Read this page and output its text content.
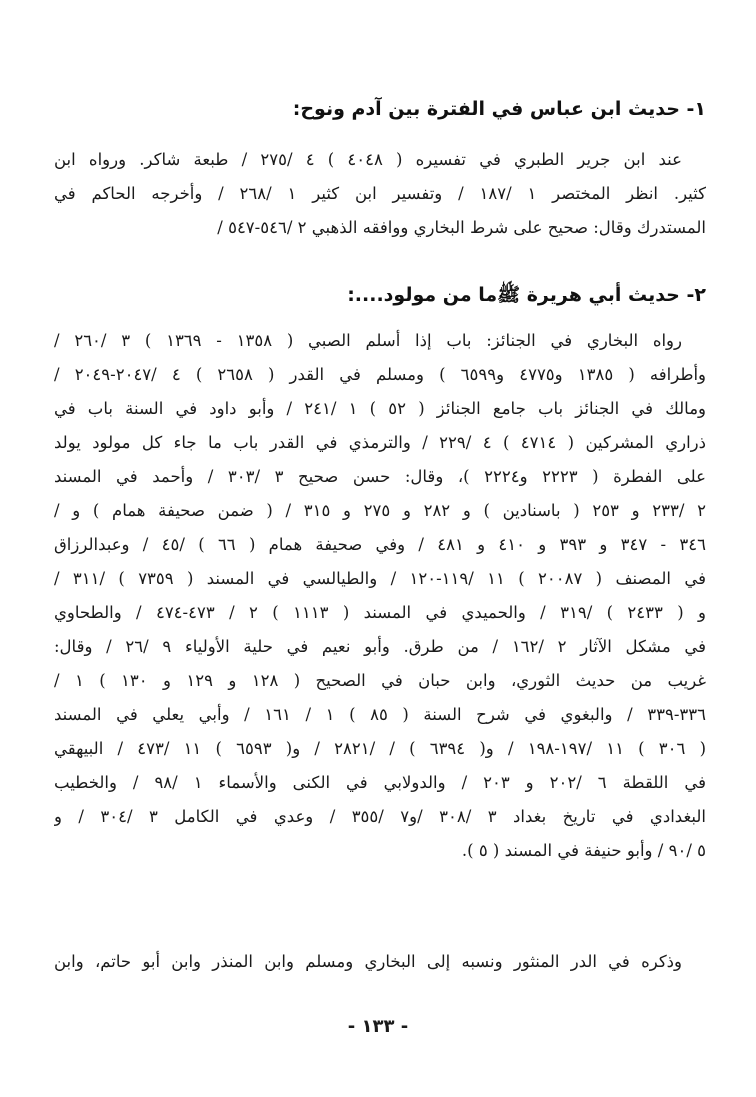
١- حديث ابن عباس في الفترة بين آدم ونوح:
عند ابن جرير الطبري في تفسيره ( ٤٠٤٨ ) ٤ /٢٧٥ / طبعة شاكر. ورواه ابن
كثير. انظر المختصر ١ /١٨٧ / وتفسير ابن كثير ١ /٢٦٨ / وأخرجه الحاكم في
المستدرك وقال: صحيح على شرط البخاري ووافقه الذهبي ٢ /٥٤٦-٥٤٧ /
٢- حديث أبي هريرة ﷺما من مولود....:
رواه البخاري في الجنائز: باب إذا أسلم الصبي ( ١٣٥٨ - ١٣٦٩ ) ٣ /٢٦٠ /
وأطرافه ( ١٣٨٥ و٤٧٧٥ و٦٥٩٩ ) ومسلم في القدر ( ٢٦٥٨ ) ٤ /٢٠٤٧-٢٠٤٩ /
ومالك في الجنائز باب جامع الجنائز ( ٥٢ ) ١ /٢٤١ / وأبو داود في السنة باب في
ذراري المشركين ( ٤٧١٤ ) ٤ /٢٢٩ / والترمذي في القدر باب ما جاء كل مولود يولد
على الفطرة ( ٢٢٢٣ و٢٢٢٤ )، وقال: حسن صحيح ٣ /٣٠٣ / وأحمد في المسند
٢ /٢٣٣ و ٢٥٣ ( باسنادين ) و ٢٨٢ و ٢٧٥ و ٣١٥ / ( ضمن صحيفة همام ) و /
٣٤٦ - ٣٤٧ و ٣٩٣ و ٤١٠ و ٤٨١ / وفي صحيفة همام ( ٦٦ ) /٤٥ / وعبدالرزاق
في المصنف ( ٢٠٠٨٧ ) ١١ /١١٩-١٢٠ / والطيالسي في المسند ( ٧٣٥٩ ) /٣١١ /
و ( ٢٤٣٣ ) /٣١٩ / والحميدي في المسند ( ١١١٣ ) ٢ / ٤٧٣-٤٧٤ / والطحاوي
في مشكل الآثار ٢ /١٦٢ / من طرق. وأبو نعيم في حلية الأولياء ٩ /٢٦ / وقال:
غريب من حديث الثوري، وابن حبان في الصحيح ( ١٢٨ و ١٢٩ و ١٣٠ ) ١ /
٣٣٦-٣٣٩ / والبغوي في شرح السنة ( ٨٥ ) ١ / ١٦١ / وأبي يعلي في المسند
( ٣٠٦ ) ١١ /١٩٧-١٩٨ / و( ٦٣٩٤ ) / /٢٨٢١ / و( ٦٥٩٣ ) ١١ /٤٧٣ / البيهقي
في اللقطة ٦ /٢٠٢ و ٢٠٣ / والدولابي في الكنى والأسماء ١ /٩٨ / والخطيب
البغدادي في تاريخ بغداد ٣ /٣٠٨ /و٧ /٣٥٥ / وعدي في الكامل ٣ /٣٠٤ / و
٥ /٩٠ / وأبو حنيفة في المسند ( ٥ ).
وذكره في الدر المنثور ونسبه إلى البخاري ومسلم وابن المنذر وابن أبو حاتم، وابن
- ١٣٣ -
